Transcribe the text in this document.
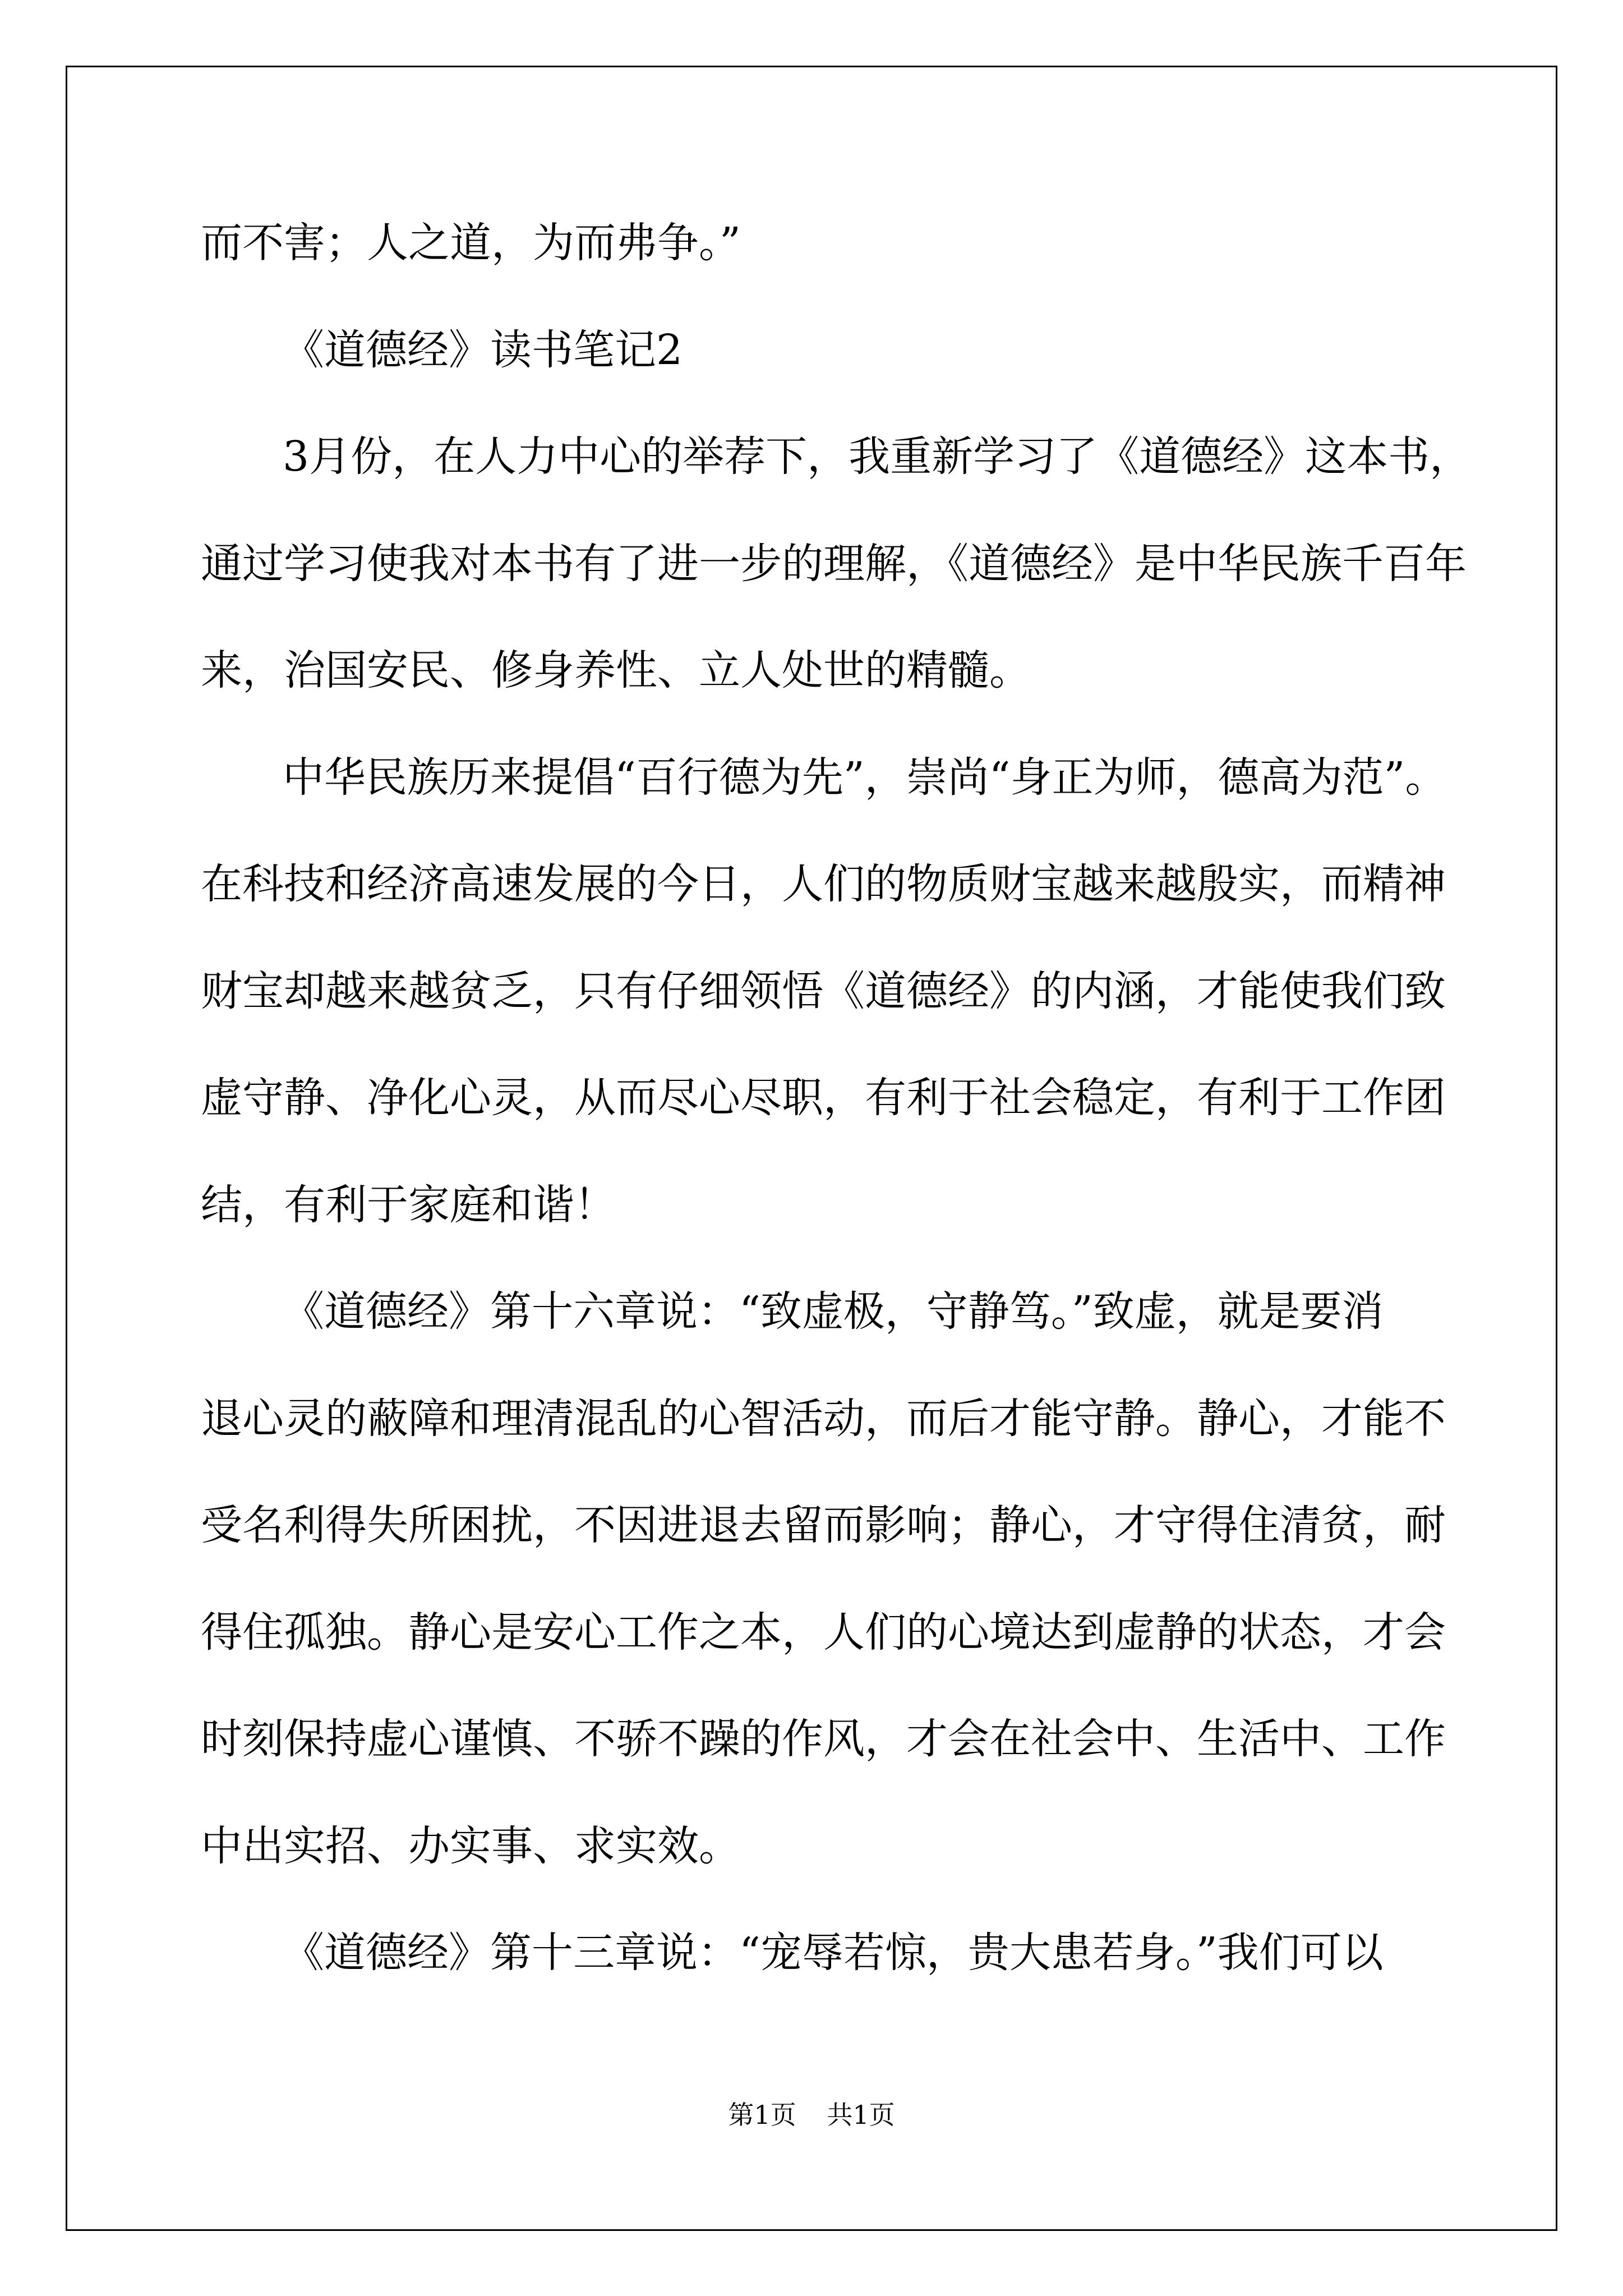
而不害；人之道，为而弗争。”
《道德经》读书笔记2
3月份，在人力中心的举荐下，我重新学习了《道德经》这本书，
通过学习使我对本书有了进一步的理解，《道德经》是中华民族千百年
来，治国安民、修身养性、立人处世的精髓。
中华民族历来提倡“百行德为先”，崇尚“身正为师，德高为范”。
在科技和经济高速发展的今日，人们的物质财宝越来越殷实，而精神
财宝却越来越贫乏，只有仔细领悟《道德经》的内涵，才能使我们致
虚守静、净化心灵，从而尽心尽职，有利于社会稳定，有利于工作团
结，有利于家庭和谐！
《道德经》第十六章说：“致虚极，守静笃。”致虚，就是要消
退心灵的蔽障和理清混乱的心智活动，而后才能守静。静心，才能不
受名利得失所困扰，不因进退去留而影响；静心，才守得住清贫，耐
得住孤独。静心是安心工作之本，人们的心境达到虚静的状态，才会
时刻保持虚心谨慎、不骄不躁的作风，才会在社会中、生活中、工作
中出实招、办实事、求实效。
《道德经》第十三章说：“宠辱若惊，贵大患若身。”我们可以
第1页 共1页
